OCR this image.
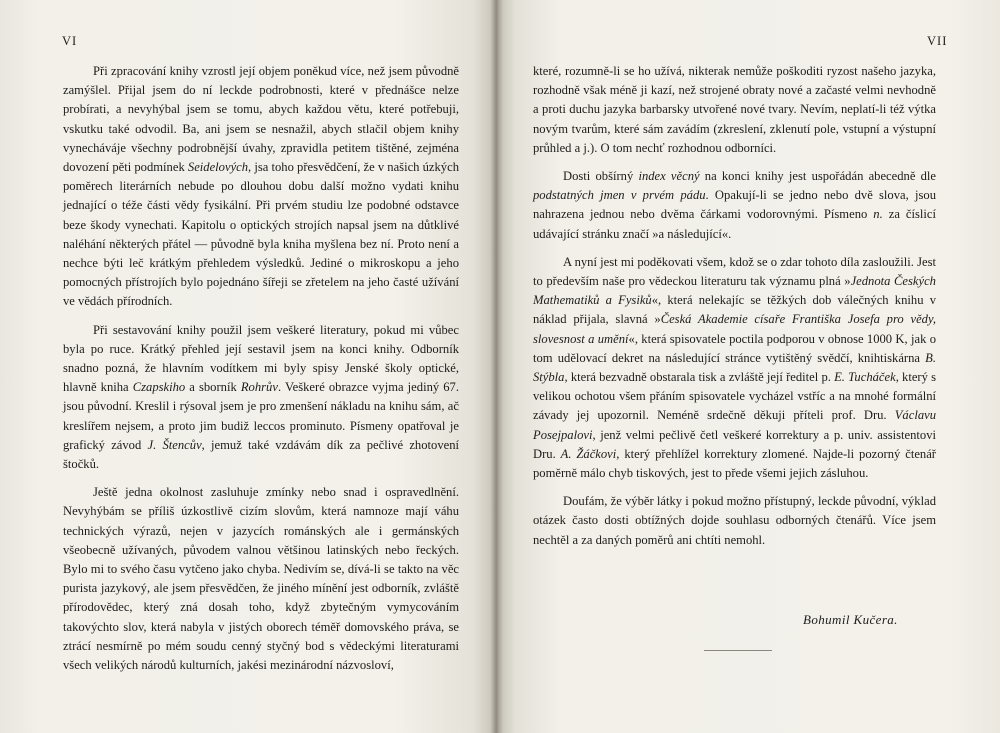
VI	VII

Při zpracování knihy vzrostl její objem poněkud více, než jsem původně zamýšlel. Přijal jsem do ní leckde podrobnosti, které v přednášce nelze probírati, a nevyhýbal jsem se tomu, abych každou větu, které potřebuji, vskutku také odvodil. Ba, ani jsem se nesnažil, abych stlačil objem knihy vynecháváje všechny podrobnější úvahy, zpravidla petitem tištěné, zejména dovození pěti podmínek Seidelových, jsa toho přesvědčení, že v našich úzkých poměrech literárních nebude po dlouhou dobu další možno vydati knihu jednající o téže části vědy fysikální. Při prvém studiu lze podobné odstavce beze škody vynechati. Kapitolu o optických strojích napsal jsem na důtklivé naléhání některých přátel — původně byla kniha myšlena bez ní. Proto není a nechce býti leč krátkým přehledem výsledků. Jediné o mikroskopu a jeho pomocných přístrojích bylo pojednáno šířeji se zřetelem na jeho časté užívání ve vědách přírodních.

Při sestavování knihy použil jsem veškeré literatury, pokud mi vůbec byla po ruce. Krátký přehled její sestavil jsem na konci knihy. Odborník snadno pozná, že hlavním vodítkem mi byly spisy Jenské školy optické, hlavně kniha Czapskiho a sborník Rohrův. Veškeré obrazce vyjma jediný 67. jsou původní. Kreslil i rýsoval jsem je pro zmenšení nákladu na knihu sám, ač kreslířem nejsem, a proto jim budiž leccos prominuto. Písmeny opatřoval je grafický závod J. Štencův, jemuž také vzdávám dík za pečlivé zhotovení štočků.

Ještě jedna okolnost zasluhuje zmínky nebo snad i ospravedlnění. Nevyhýbám se příliš úzkostlivě cizím slovům, která namnoze mají váhu technických výrazů, nejen v jazycích románských ale i germánských všeobecně užívaných, původem valnou většinou latinských nebo řeckých. Bylo mi to svého času vytčeno jako chyba. Nedivím se, dívá-li se takto na věc purista jazykový, ale jsem přesvědčen, že jiného mínění jest odborník, zvláště přírodovědec, který zná dosah toho, když zbytečným vymycováním takovýchto slov, která nabyla v jistých oborech téměř domovského práva, se ztrácí nesmírně po mém soudu cenný styčný bod s vědeckými literaturami všech velikých národů kulturních, jakési mezinárodní názvosloví,

které, rozumně-li se ho užívá, nikterak nemůže poškoditi ryzost našeho jazyka, rozhodně však méně ji kazí, než strojené obraty nové a začasté velmi nevhodně a proti duchu jazyka barbarsky utvořené nové tvary. Nevím, neplatí-li též výtka novým tvarům, které sám zavádím (zkreslení, zklenutí pole, vstupní a výstupní průhled a j.). O tom nechť rozhodnou odborníci.

Dosti obšírný index věcný na konci knihy jest uspořádán abecedně dle podstatných jmen v prvém pádu. Opakují-li se jedno nebo dvě slova, jsou nahrazena jednou nebo dvěma čárkami vodorovnými. Písmeno n. za číslicí udávající stránku značí »a následující«.

A nyní jest mi poděkovati všem, kdož se o zdar tohoto díla zasloužili. Jest to především naše pro vědeckou literaturu tak významu plná »Jednota Českých Mathematiků a Fysiků«, která nelekajíc se těžkých dob válečných knihu v náklad přijala, slavná »Česká Akademie císaře Františka Josefa pro vědy, slovesnost a umění«, která spisovatele poctila podporou v obnose 1000 K, jak o tom udělovací dekret na následující stránce vytištěný svědčí, knihtiskárna B. Stýbla, která bezvadně obstarala tisk a zvláště její ředitel p. E. Tucháček, který s velikou ochotou všem přáním spisovatele vycházel vstříc a na mnohé formální závady jej upozornil. Neméně srdečně děkuji příteli prof. Dru. Václavu Posejpalovi, jenž velmi pečlivě četl veškeré korrektury a p. univ. assistentovi Dru. A. Žáčkovi, který přehlížel korrektury zlomené. Najde-li pozorný čtenář poměrně málo chyb tiskových, jest to přede všemi jejich zásluhou.

Doufám, že výběr látky i pokud možno přístupný, leckde původní, výklad otázek často dosti obtížných dojde souhlasu odborných čtenářů. Více jsem nechtěl a za daných poměrů ani chtíti nemohl.

Bohumil Kučera.
